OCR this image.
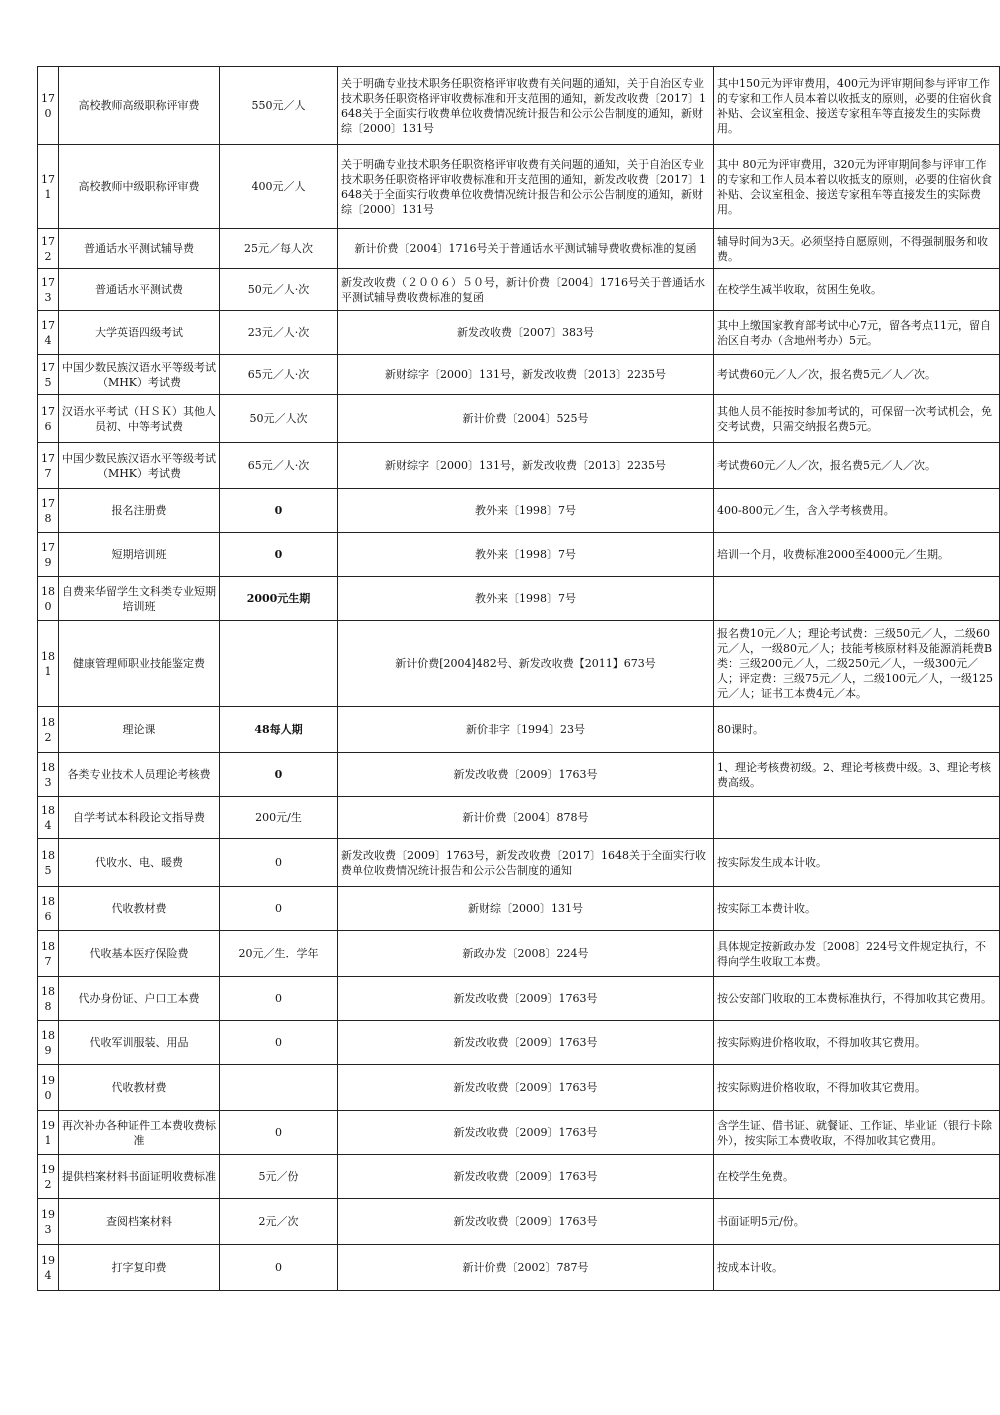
170	高校教师高级职称评审费	550元／人	关于明确专业技术职务任职资格评审收费有关问题的通知，关于自治区专业技术职务任职资格评审收费标准和开支范围的通知，新发改收费〔2017〕1648关于全面实行收费单位收费情况统计报告和公示公告制度的通知，新财综〔2000〕131号	其中150元为评审费用，400元为评审期间参与评审工作的专家和工作人员本着以收抵支的原则，必要的住宿伙食补贴、会议室租金、接送专家租车等直接发生的实际费用。
171	高校教师中级职称评审费	400元／人	关于明确专业技术职务任职资格评审收费有关问题的通知，关于自治区专业技术职务任职资格评审收费标准和开支范围的通知，新发改收费〔2017〕1648关于全面实行收费单位收费情况统计报告和公示公告制度的通知，新财综〔2000〕131号	其中 80元为评审费用，320元为评审期间参与评审工作的专家和工作人员本着以收抵支的原则，必要的住宿伙食补贴、会议室租金、接送专家租车等直接发生的实际费用。
172	普通话水平测试辅导费	25元／每人次	新计价费〔2004〕1716号关于普通话水平测试辅导费收费标准的复函	辅导时间为3天。必须坚持自愿原则，不得强制服务和收费。
173	普通话水平测试费	50元／人·次	新发改收费（２００６）５０号，新计价费〔2004〕1716号关于普通话水平测试辅导费收费标准的复函	在校学生减半收取，贫困生免收。
174	大学英语四级考试	23元／人·次	新发改收费〔2007〕383号	其中上缴国家教育部考试中心7元，留各考点11元，留自治区自考办（含地州考办）5元。
175	中国少数民族汉语水平等级考试（MHK）考试费	65元／人·次	新财综字〔2000〕131号，新发改收费〔2013〕2235号	考试费60元／人／次，报名费5元／人／次。
176	汉语水平考试（ＨＳＫ）其他人员初、中等考试费	50元／人次	新计价费〔2004〕525号	其他人员不能按时参加考试的，可保留一次考试机会，免交考试费，只需交纳报名费5元。
177	中国少数民族汉语水平等级考试（MHK）考试费	65元／人·次	新财综字〔2000〕131号，新发改收费〔2013〕2235号	考试费60元／人／次，报名费5元／人／次。
178	报名注册费	0	教外来〔1998〕7号	400-800元／生，含入学考核费用。
179	短期培训班	0	教外来〔1998〕7号	培训一个月，收费标准2000至4000元／生期。
180	自费来华留学生文科类专业短期培训班	2000元生期	教外来〔1998〕7号	
181	健康管理师职业技能鉴定费		新计价费[2004]482号、新发改收费【2011】673号	报名费10元／人；理论考试费：三级50元／人，二级60元／人，一级80元／人；技能考核原材料及能源消耗费B类：三级200元／人，二级250元／人，一级300元／人；评定费：三级75元／人，二级100元／人，一级125元／人；证书工本费4元／本。
182	理论课	48每人期	新价非字〔1994〕23号	80课时。
183	各类专业技术人员理论考核费	0	新发改收费〔2009〕1763号	1、理论考核费初级。2、理论考核费中级。3、理论考核费高级。
184	自学考试本科段论文指导费	200元/生	新计价费〔2004〕878号	
185	代收水、电、暖费	0	新发改收费〔2009〕1763号，新发改收费〔2017〕1648关于全面实行收费单位收费情况统计报告和公示公告制度的通知	按实际发生成本计收。
186	代收教材费	0	新财综〔2000〕131号	按实际工本费计收。
187	代收基本医疗保险费	20元／生．学年	新政办发〔2008〕224号	具体规定按新政办发〔2008〕224号文件规定执行，不得向学生收取工本费。
188	代办身份证、户口工本费	0	新发改收费〔2009〕1763号	按公安部门收取的工本费标准执行，不得加收其它费用。
189	代收军训服装、用品	0	新发改收费〔2009〕1763号	按实际购进价格收取，不得加收其它费用。
190	代收教材费		新发改收费〔2009〕1763号	按实际购进价格收取，不得加收其它费用。
191	再次补办各种证件工本费收费标准	0	新发改收费〔2009〕1763号	含学生证、借书证、就餐证、工作证、毕业证（银行卡除外），按实际工本费收取，不得加收其它费用。
192	提供档案材料书面证明收费标准	5元／份	新发改收费〔2009〕1763号	在校学生免费。
193	查阅档案材料	2元／次	新发改收费〔2009〕1763号	书面证明5元/份。
194	打字复印费	0	新计价费〔2002〕787号	按成本计收。
